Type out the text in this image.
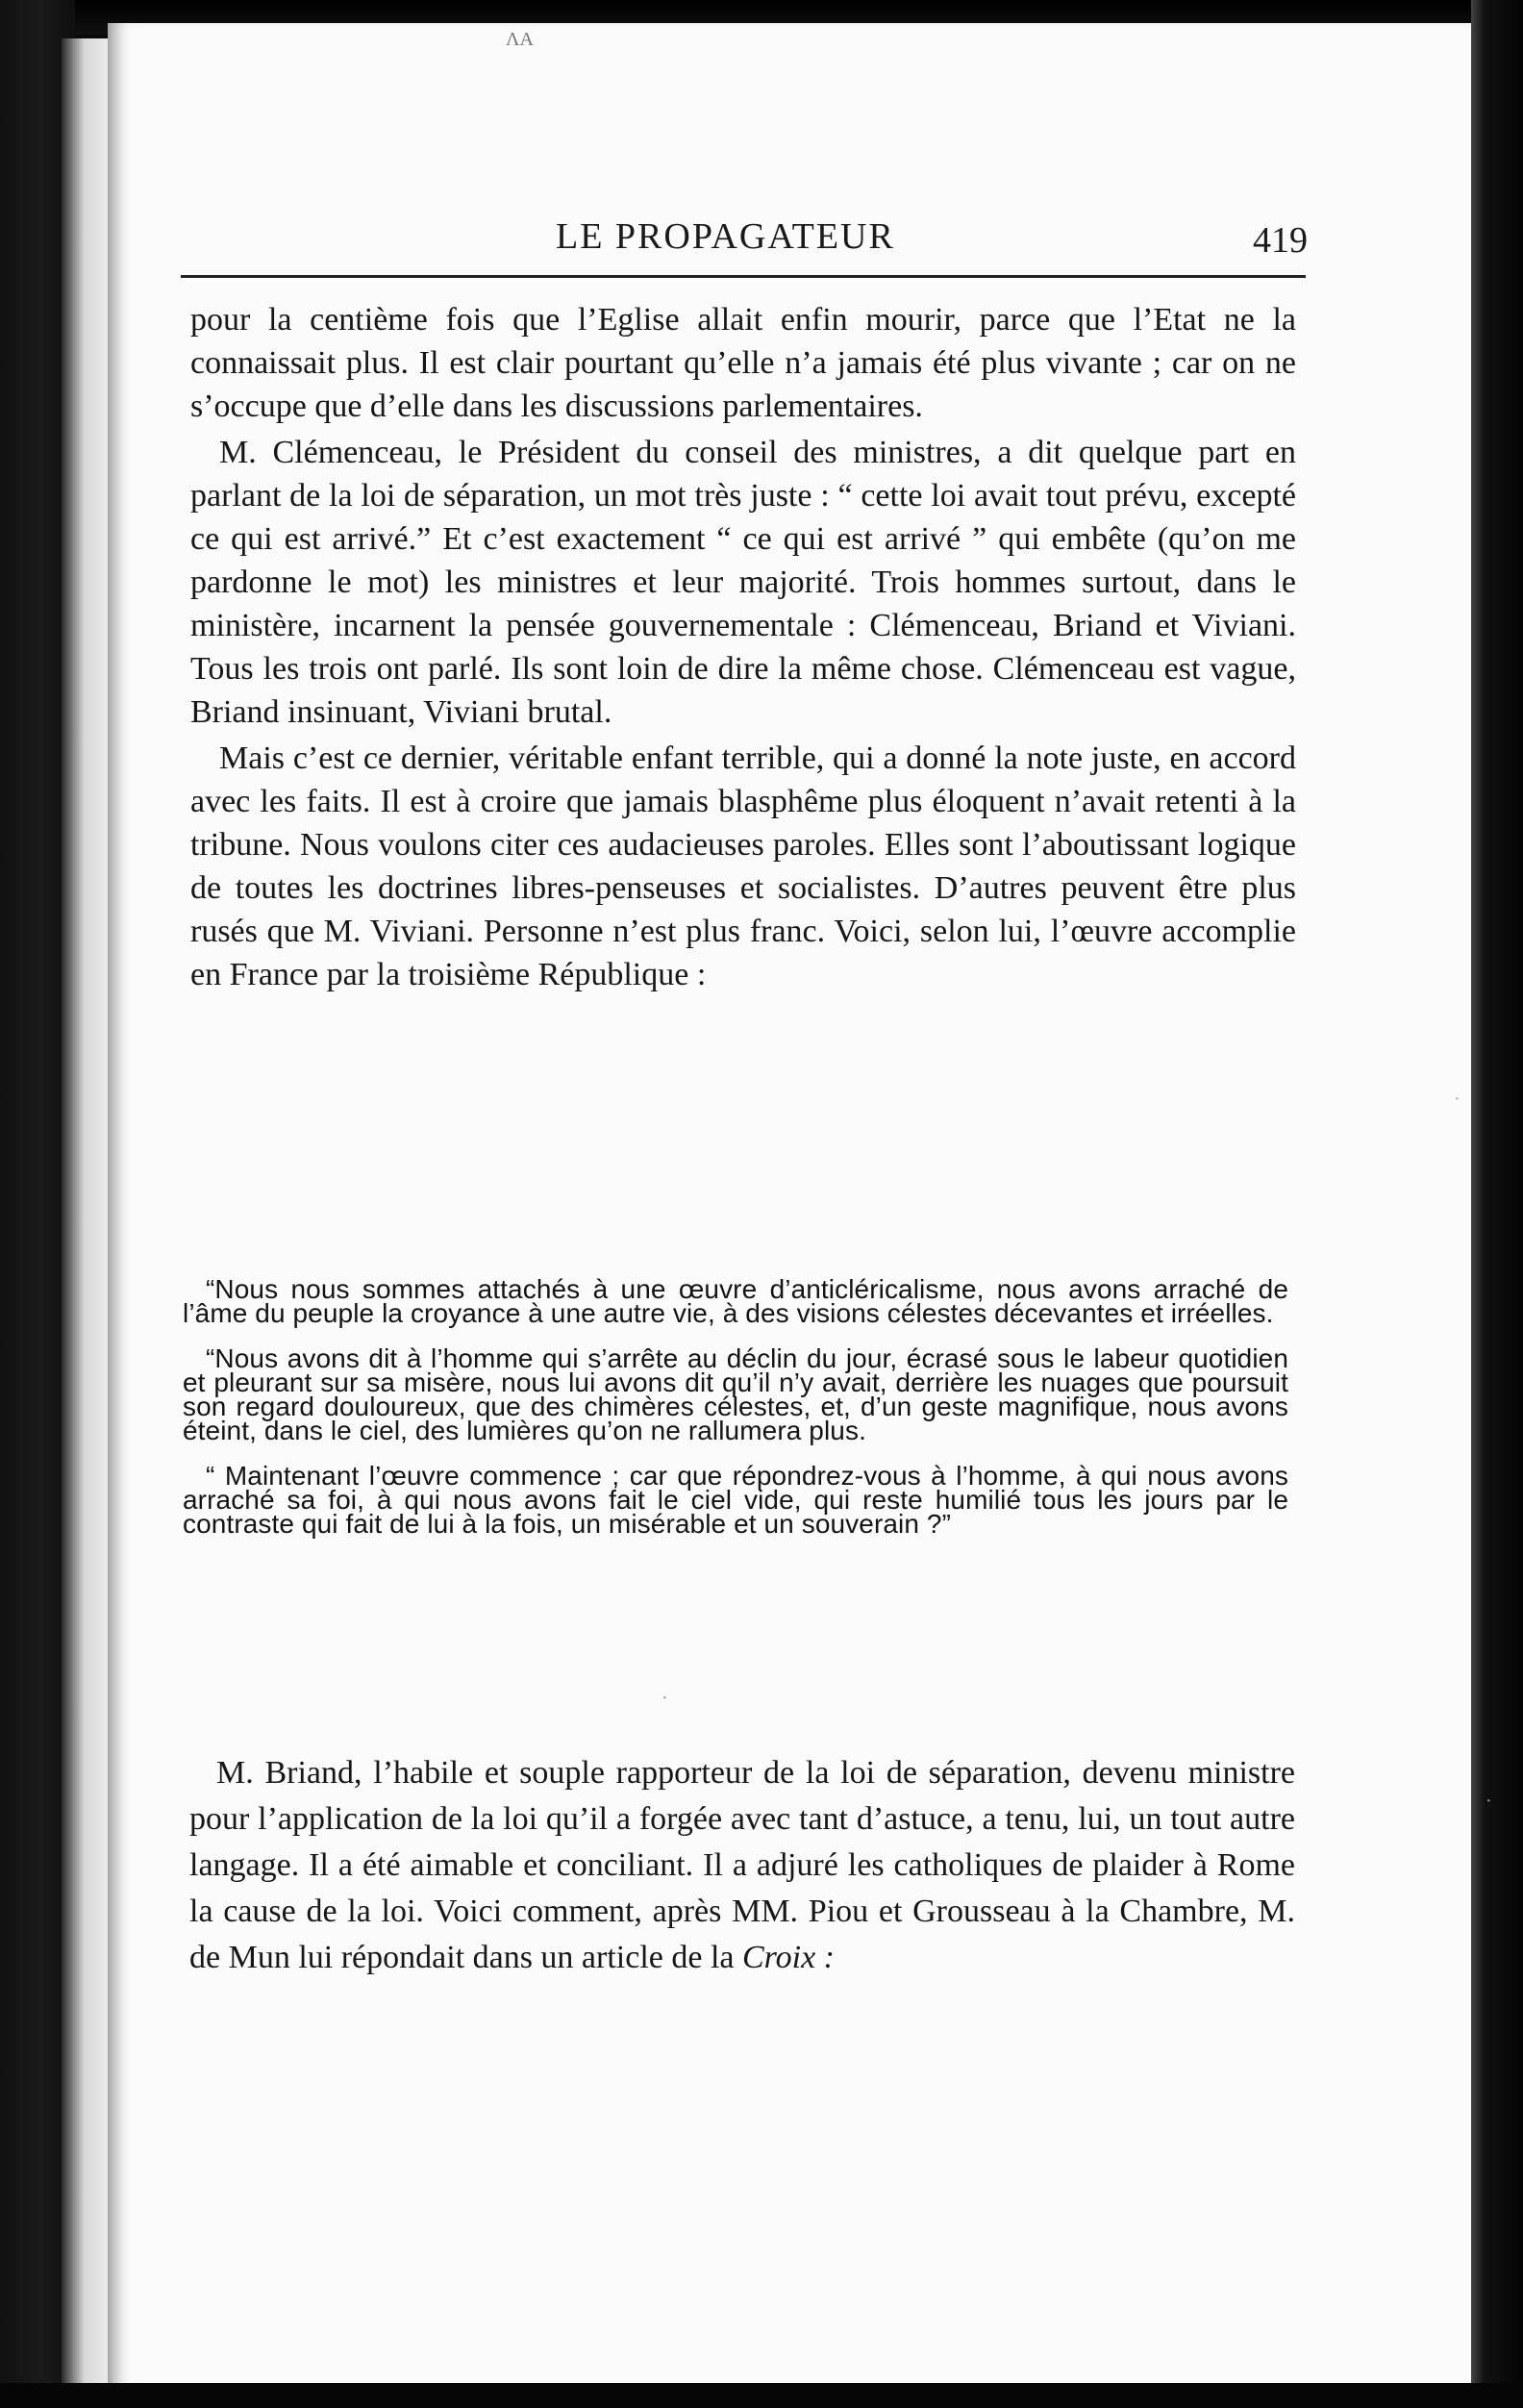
LE PROPAGATEUR	419

pour la centième fois que l’Eglise allait enfin mourir, parce que l’Etat ne la connaissait plus. Il est clair pourtant qu’elle n’a jamais été plus vivante ; car on ne s’occupe que d’elle dans les discussions parlementaires.

M. Clémenceau, le Président du conseil des ministres, a dit quelque part en parlant de la loi de séparation, un mot très juste : “ cette loi avait tout prévu, excepté ce qui est arrivé.” Et c’est exactement “ ce qui est arrivé ” qui embête (qu’on me pardonne le mot) les ministres et leur majorité. Trois hommes surtout, dans le ministère, incarnent la pensée gouvernementale : Clémenceau, Briand et Viviani. Tous les trois ont parlé. Ils sont loin de dire la même chose. Clémenceau est vague, Briand insinuant, Viviani brutal.

Mais c’est ce dernier, véritable enfant terrible, qui a donné la note juste, en accord avec les faits. Il est à croire que jamais blasphême plus éloquent n’avait retenti à la tribune. Nous voulons citer ces audacieuses paroles. Elles sont l’aboutissant logique de toutes les doctrines libres-penseuses et socialistes. D’autres peuvent être plus rusés que M. Viviani. Personne n’est plus franc. Voici, selon lui, l’œuvre accomplie en France par la troisième République :

“Nous nous sommes attachés à une œuvre d’anticléricalisme, nous avons arraché de l’âme du peuple la croyance à une autre vie, à des visions célestes décevantes et irréelles.

“Nous avons dit à l’homme qui s’arrête au déclin du jour, écrasé sous le labeur quotidien et pleurant sur sa misère, nous lui avons dit qu’il n’y avait, derrière les nuages que poursuit son regard douloureux, que des chimères célestes, et, d’un geste magnifique, nous avons éteint, dans le ciel, des lumières qu’on ne rallumera plus.

“ Maintenant l’œuvre commence ; car que répondrez-vous à l’homme, à qui nous avons arraché sa foi, à qui nous avons fait le ciel vide, qui reste humilié tous les jours par le contraste qui fait de lui à la fois, un misérable et un souverain ?”

M. Briand, l’habile et souple rapporteur de la loi de séparation, devenu ministre pour l’application de la loi qu’il a forgée avec tant d’astuce, a tenu, lui, un tout autre langage. Il a été aimable et conciliant. Il a adjuré les catholiques de plaider à Rome la cause de la loi. Voici comment, après MM. Piou et Grousseau à la Chambre, M. de Mun lui répondait dans un article de la Croix :

ɅA
·
·
·
